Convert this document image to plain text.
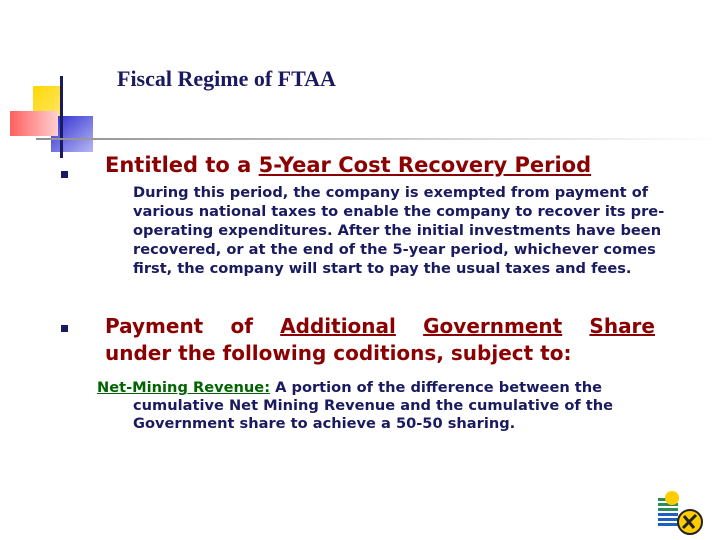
Fiscal Regime of FTAA
Entitled to a 5-Year Cost Recovery Period
During this period, the company is exempted from payment of various national taxes to enable the company to recover its pre-operating expenditures. After the initial investments have been recovered, or at the end of the 5-year period, whichever comes first, the company will start to pay the usual taxes and fees.
Payment of Additional Government Share
under the following coditions, subject to:
Net-Mining Revenue: A portion of the difference between the
cumulative Net Mining Revenue and the cumulative of the Government share to achieve a 50-50 sharing.
